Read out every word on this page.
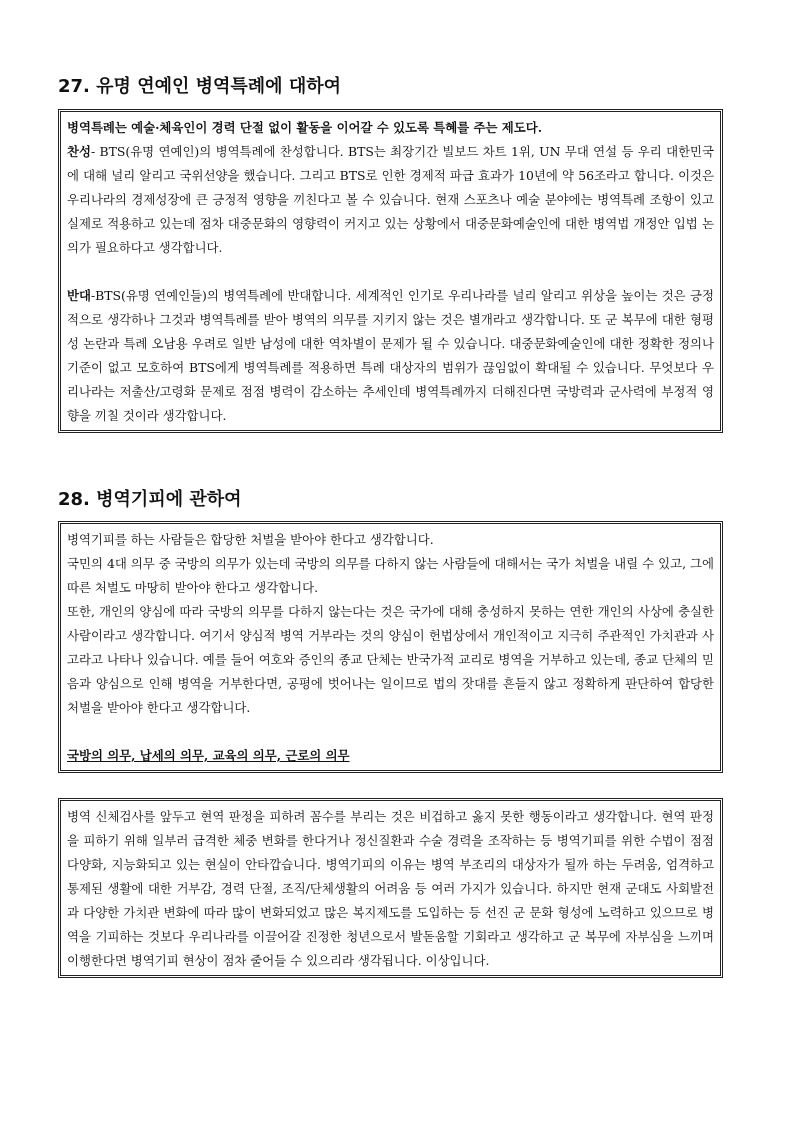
27. 유명 연예인 병역특례에 대하여

병역특례는 예술·체육인이 경력 단절 없이 활동을 이어갈 수 있도록 특혜를 주는 제도다.

찬성- BTS(유명 연예인)의 병역특례에 찬성합니다. BTS는 최장기간 빌보드 차트 1위, UN 무대 연설 등 우리 대한민국에 대해 널리 알리고 국위선양을 했습니다. 그리고 BTS로 인한 경제적 파급 효과가 10년에 약 56조라고 합니다. 이것은 우리나라의 경제성장에 큰 긍정적 영향을 끼친다고 볼 수 있습니다. 현재 스포츠나 예술 분야에는 병역특례 조항이 있고 실제로 적용하고 있는데 점차 대중문화의 영향력이 커지고 있는 상황에서 대중문화예술인에 대한 병역법 개정안 입법 논의가 필요하다고 생각합니다.

반대-BTS(유명 연예인들)의 병역특례에 반대합니다. 세계적인 인기로 우리나라를 널리 알리고 위상을 높이는 것은 긍정적으로 생각하나 그것과 병역특례를 받아 병역의 의무를 지키지 않는 것은 별개라고 생각합니다. 또 군 복무에 대한 형평성 논란과 특례 오남용 우려로 일반 남성에 대한 역차별이 문제가 될 수 있습니다. 대중문화예술인에 대한 정확한 정의나 기준이 없고 모호하여 BTS에게 병역특례를 적용하면 특례 대상자의 범위가 끊임없이 확대될 수 있습니다. 무엇보다 우리나라는 저출산/고령화 문제로 점점 병력이 감소하는 추세인데 병역특례까지 더해진다면 국방력과 군사력에 부정적 영향을 끼칠 것이라 생각합니다.

28. 병역기피에 관하여

병역기피를 하는 사람들은 합당한 처벌을 받아야 한다고 생각합니다.

국민의 4대 의무 중 국방의 의무가 있는데 국방의 의무를 다하지 않는 사람들에 대해서는 국가 처벌을 내릴 수 있고, 그에 따른 처벌도 마땅히 받아야 한다고 생각합니다.

또한, 개인의 양심에 따라 국방의 의무를 다하지 않는다는 것은 국가에 대해 충성하지 못하는 연한 개인의 사상에 충실한 사람이라고 생각합니다. 여기서 양심적 병역 거부라는 것의 양심이 헌법상에서 개인적이고 지극히 주관적인 가치관과 사고라고 나타나 있습니다. 예를 들어 여호와 증인의 종교 단체는 반국가적 교리로 병역을 거부하고 있는데, 종교 단체의 믿음과 양심으로 인해 병역을 거부한다면, 공평에 벗어나는 일이므로 법의 잣대를 흔들지 않고 정확하게 판단하여 합당한 처벌을 받아야 한다고 생각합니다.

국방의 의무, 납세의 의무, 교육의 의무, 근로의 의무

병역 신체검사를 앞두고 현역 판정을 피하려 꼼수를 부리는 것은 비겁하고 옳지 못한 행동이라고 생각합니다. 현역 판정을 피하기 위해 일부러 급격한 체중 변화를 한다거나 정신질환과 수술 경력을 조작하는 등 병역기피를 위한 수법이 점점 다양화, 지능화되고 있는 현실이 안타깝습니다. 병역기피의 이유는 병역 부조리의 대상자가 될까 하는 두려움, 엄격하고 통제된 생활에 대한 거부감, 경력 단절, 조직/단체생활의 어려움 등 여러 가지가 있습니다. 하지만 현재 군대도 사회발전과 다양한 가치관 변화에 따라 많이 변화되었고 많은 복지제도를 도입하는 등 선진 군 문화 형성에 노력하고 있으므로 병역을 기피하는 것보다 우리나라를 이끌어갈 진정한 청년으로서 발돋움할 기회라고 생각하고 군 복무에 자부심을 느끼며 이행한다면 병역기피 현상이 점차 줄어들 수 있으리라 생각됩니다. 이상입니다.
